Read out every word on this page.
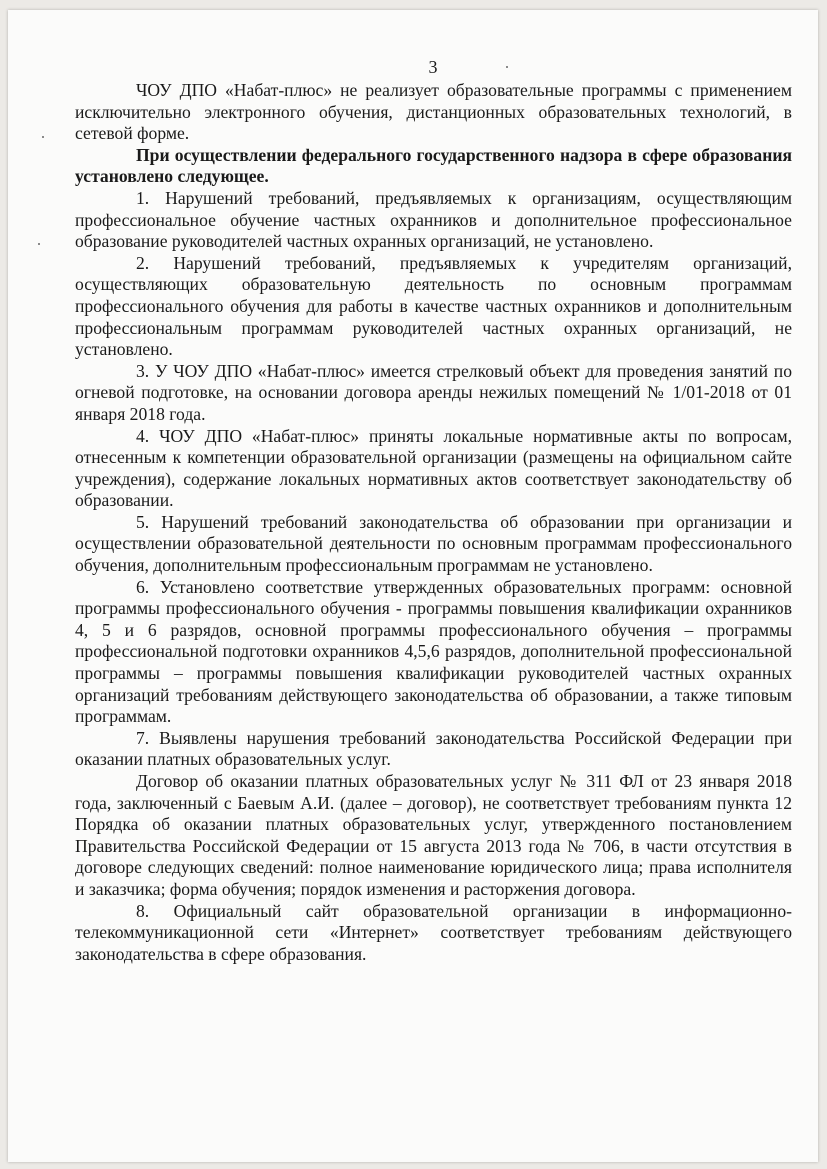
3

ЧОУ ДПО «Набат-плюс» не реализует образовательные программы с применением исключительно электронного обучения, дистанционных образовательных технологий, в сетевой форме.

При осуществлении федерального государственного надзора в сфере образования установлено следующее.

1. Нарушений требований, предъявляемых к организациям, осуществляющим профессиональное обучение частных охранников и дополнительное профессиональное образование руководителей частных охранных организаций, не установлено.

2. Нарушений требований, предъявляемых к учредителям организаций, осуществляющих образовательную деятельность по основным программам профессионального обучения для работы в качестве частных охранников и дополнительным профессиональным программам руководителей частных охранных организаций, не установлено.

3. У ЧОУ ДПО «Набат-плюс» имеется стрелковый объект для проведения занятий по огневой подготовке, на основании договора аренды нежилых помещений № 1/01-2018 от 01 января 2018 года.

4. ЧОУ ДПО «Набат-плюс» приняты локальные нормативные акты по вопросам, отнесенным к компетенции образовательной организации (размещены на официальном сайте учреждения), содержание локальных нормативных актов соответствует законодательству об образовании.

5. Нарушений требований законодательства об образовании при организации и осуществлении образовательной деятельности по основным программам профессионального обучения, дополнительным профессиональным программам не установлено.

6. Установлено соответствие утвержденных образовательных программ: основной программы профессионального обучения - программы повышения квалификации охранников 4, 5 и 6 разрядов, основной программы профессионального обучения – программы профессиональной подготовки охранников 4,5,6 разрядов, дополнительной профессиональной программы – программы повышения квалификации руководителей частных охранных организаций требованиям действующего законодательства об образовании, а также типовым программам.

7. Выявлены нарушения требований законодательства Российской Федерации при оказании платных образовательных услуг.

Договор об оказании платных образовательных услуг № 311 ФЛ от 23 января 2018 года, заключенный с Баевым А.И. (далее – договор), не соответствует требованиям пункта 12 Порядка об оказании платных образовательных услуг, утвержденного постановлением Правительства Российской Федерации от 15 августа 2013 года № 706, в части отсутствия в договоре следующих сведений: полное наименование юридического лица; права исполнителя и заказчика; форма обучения; порядок изменения и расторжения договора.

8. Официальный сайт образовательной организации в информационно-телекоммуникационной сети «Интернет» соответствует требованиям действующего законодательства в сфере образования.
